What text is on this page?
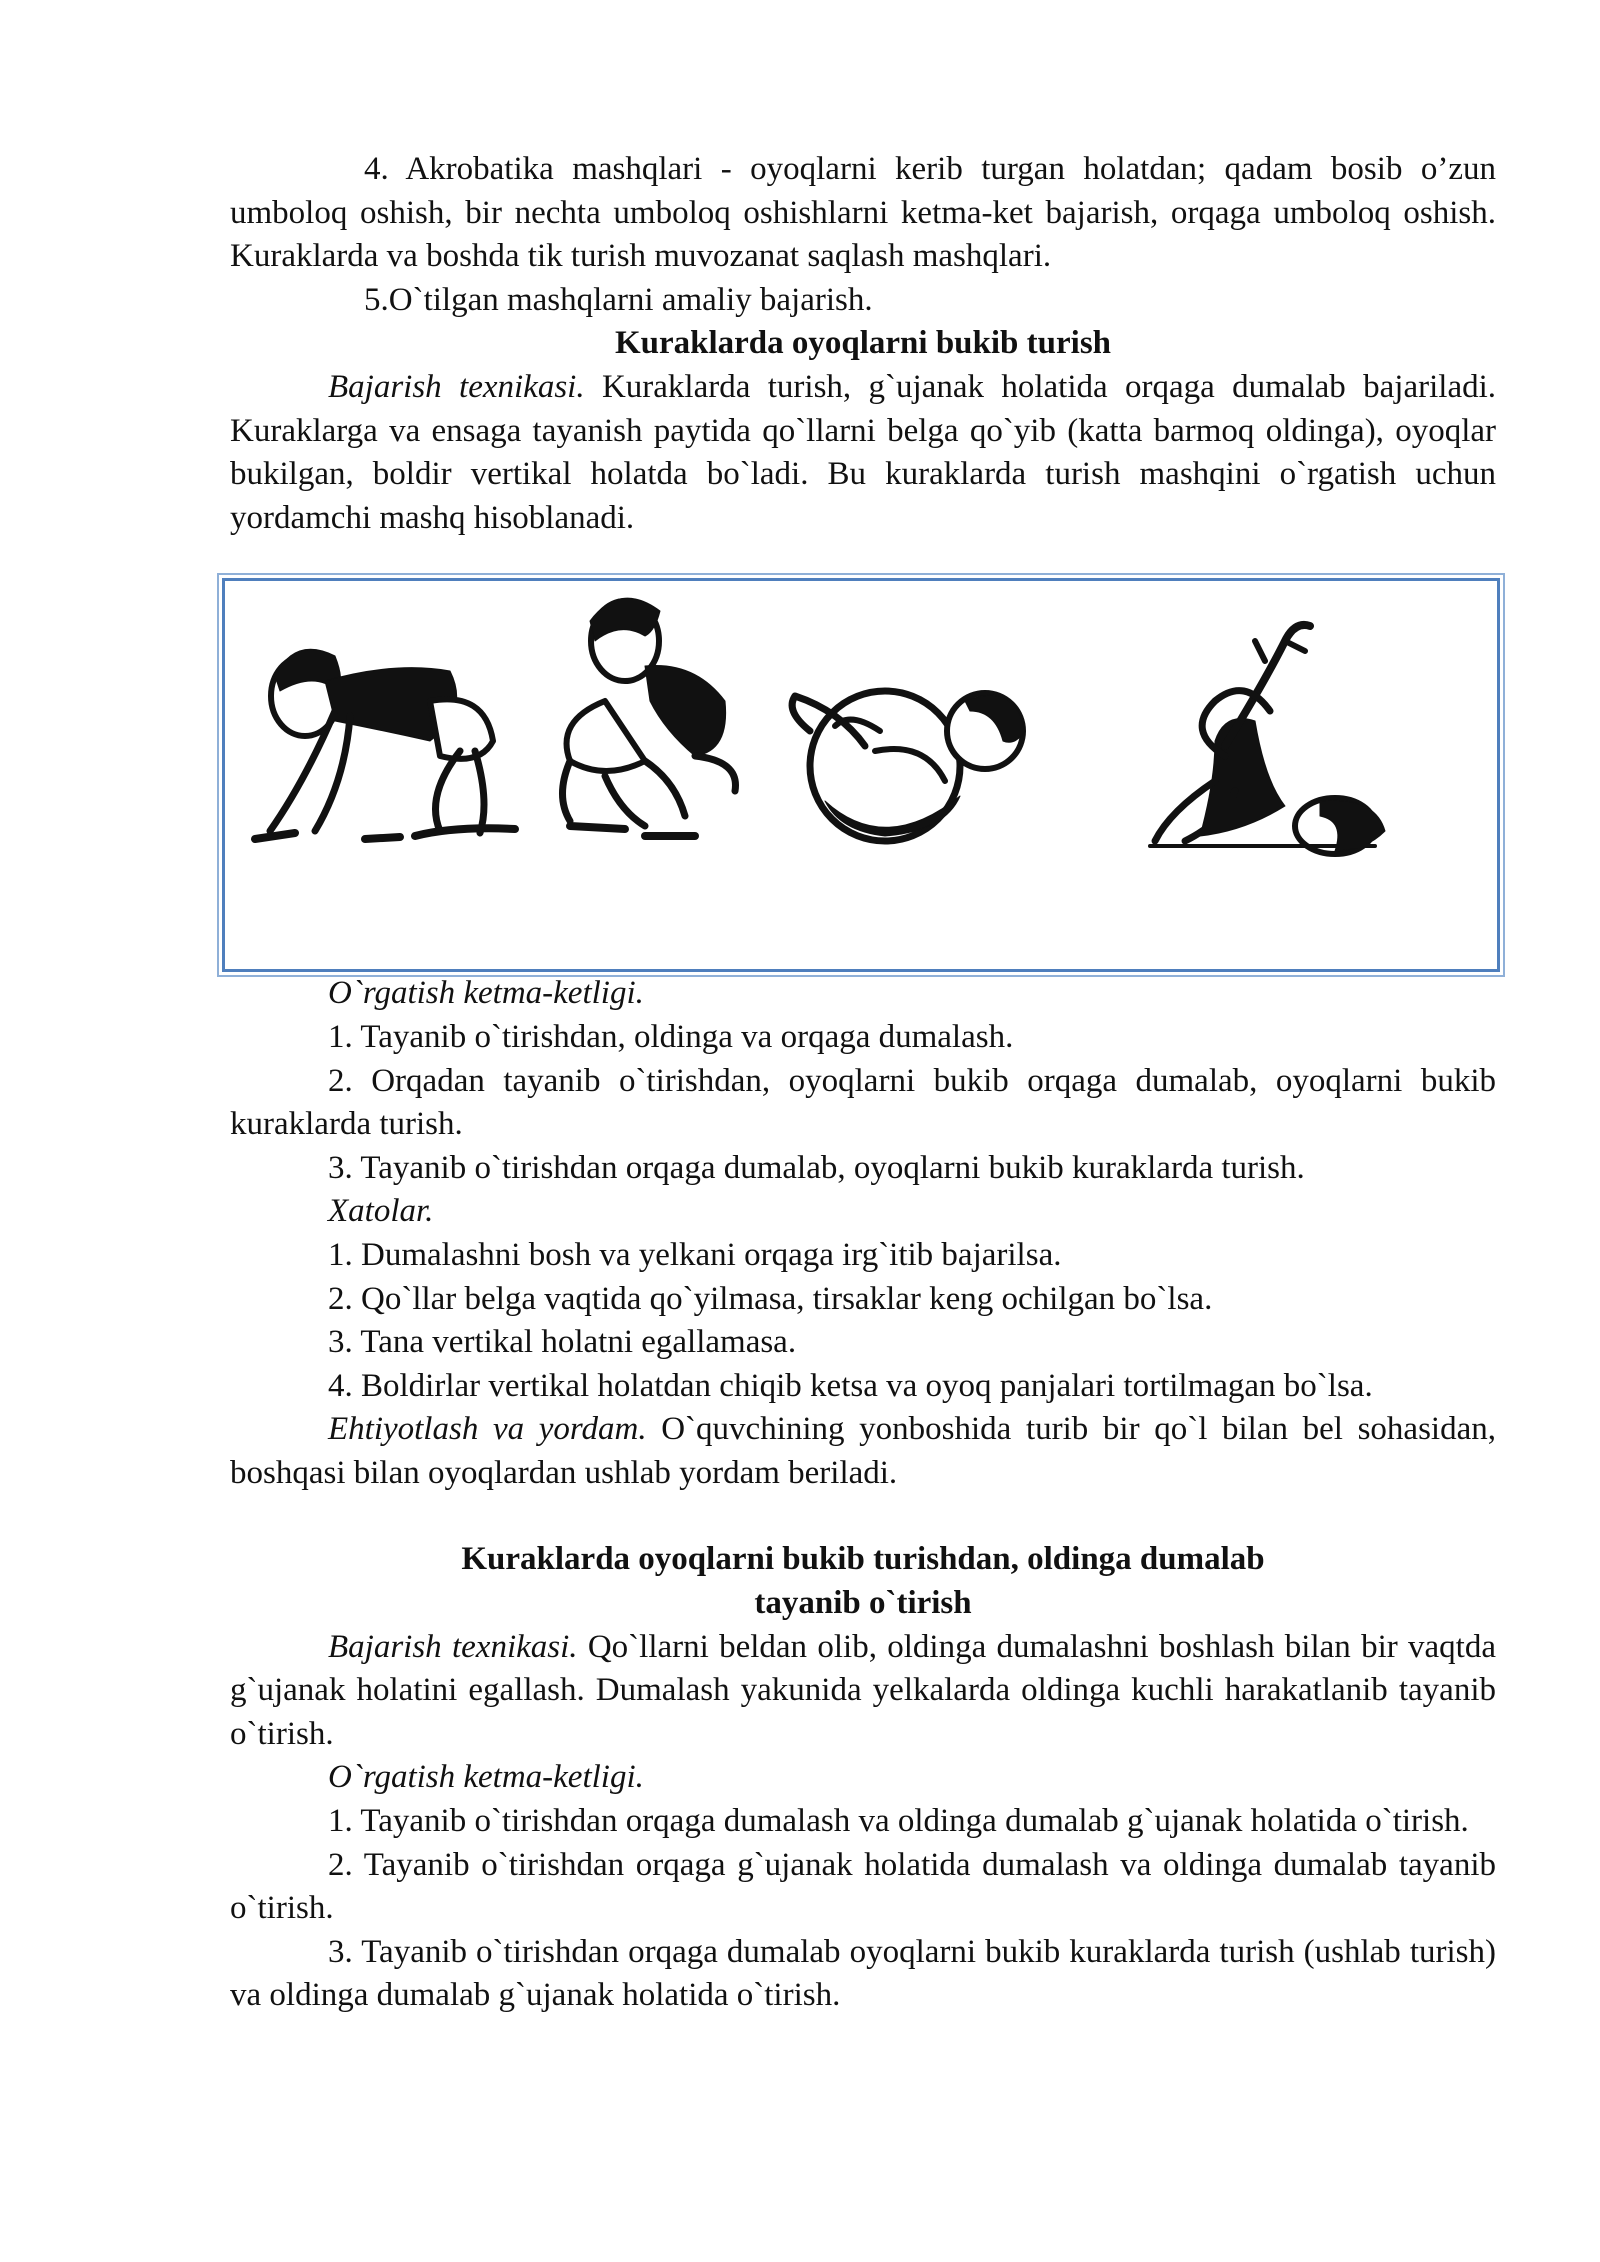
4. Akrobatika mashqlari - oyoqlarni kerib turgan holatdan; qadam bosib o’zun umboloq oshish, bir nechta umboloq oshishlarni ketma-ket bajarish, orqaga umboloq oshish. Kuraklarda va boshda tik turish muvozanat saqlash mashqlari.

5.O`tilgan mashqlarni amaliy bajarish.

Kuraklarda oyoqlarni bukib turish

Bajarish texnikasi. Kuraklarda turish, g`ujanak holatida orqaga dumalab bajariladi. Kuraklarga va ensaga tayanish paytida qo`llarni belga qo`yib (katta barmoq oldinga), oyoqlar bukilgan, boldir vertikal holatda bo`ladi. Bu kuraklarda turish mashqini o`rgatish uchun yordamchi mashq hisoblanadi.

O`rgatish ketma-ketligi.

1. Tayanib o`tirishdan, oldinga va orqaga dumalash.

2. Orqadan tayanib o`tirishdan, oyoqlarni bukib orqaga dumalab, oyoqlarni bukib kuraklarda turish.

3. Tayanib o`tirishdan orqaga dumalab, oyoqlarni bukib kuraklarda turish.

Xatolar.

1. Dumalashni bosh va yelkani orqaga irg`itib bajarilsa.

2. Qo`llar belga vaqtida qo`yilmasa, tirsaklar keng ochilgan bo`lsa.

3. Tana vertikal holatni egallamasa.

4. Boldirlar vertikal holatdan chiqib ketsa va oyoq panjalari tortilmagan bo`lsa.

Ehtiyotlash va yordam. O`quvchining yonboshida turib bir qo`l bilan bel sohasidan, boshqasi bilan oyoqlardan ushlab yordam beriladi.

Kuraklarda oyoqlarni bukib turishdan, oldinga dumalab

tayanib o`tirish

Bajarish texnikasi. Qo`llarni beldan olib, oldinga dumalashni boshlash bilan bir vaqtda g`ujanak holatini egallash. Dumalash yakunida yelkalarda oldinga kuchli harakatlanib tayanib o`tirish.

O`rgatish ketma-ketligi.

1. Tayanib o`tirishdan orqaga dumalash va oldinga dumalab g`ujanak holatida o`tirish.

2. Tayanib o`tirishdan orqaga g`ujanak holatida dumalash va oldinga dumalab tayanib o`tirish.

3. Tayanib o`tirishdan orqaga dumalab oyoqlarni bukib kuraklarda turish (ushlab turish) va oldinga dumalab g`ujanak holatida o`tirish.
